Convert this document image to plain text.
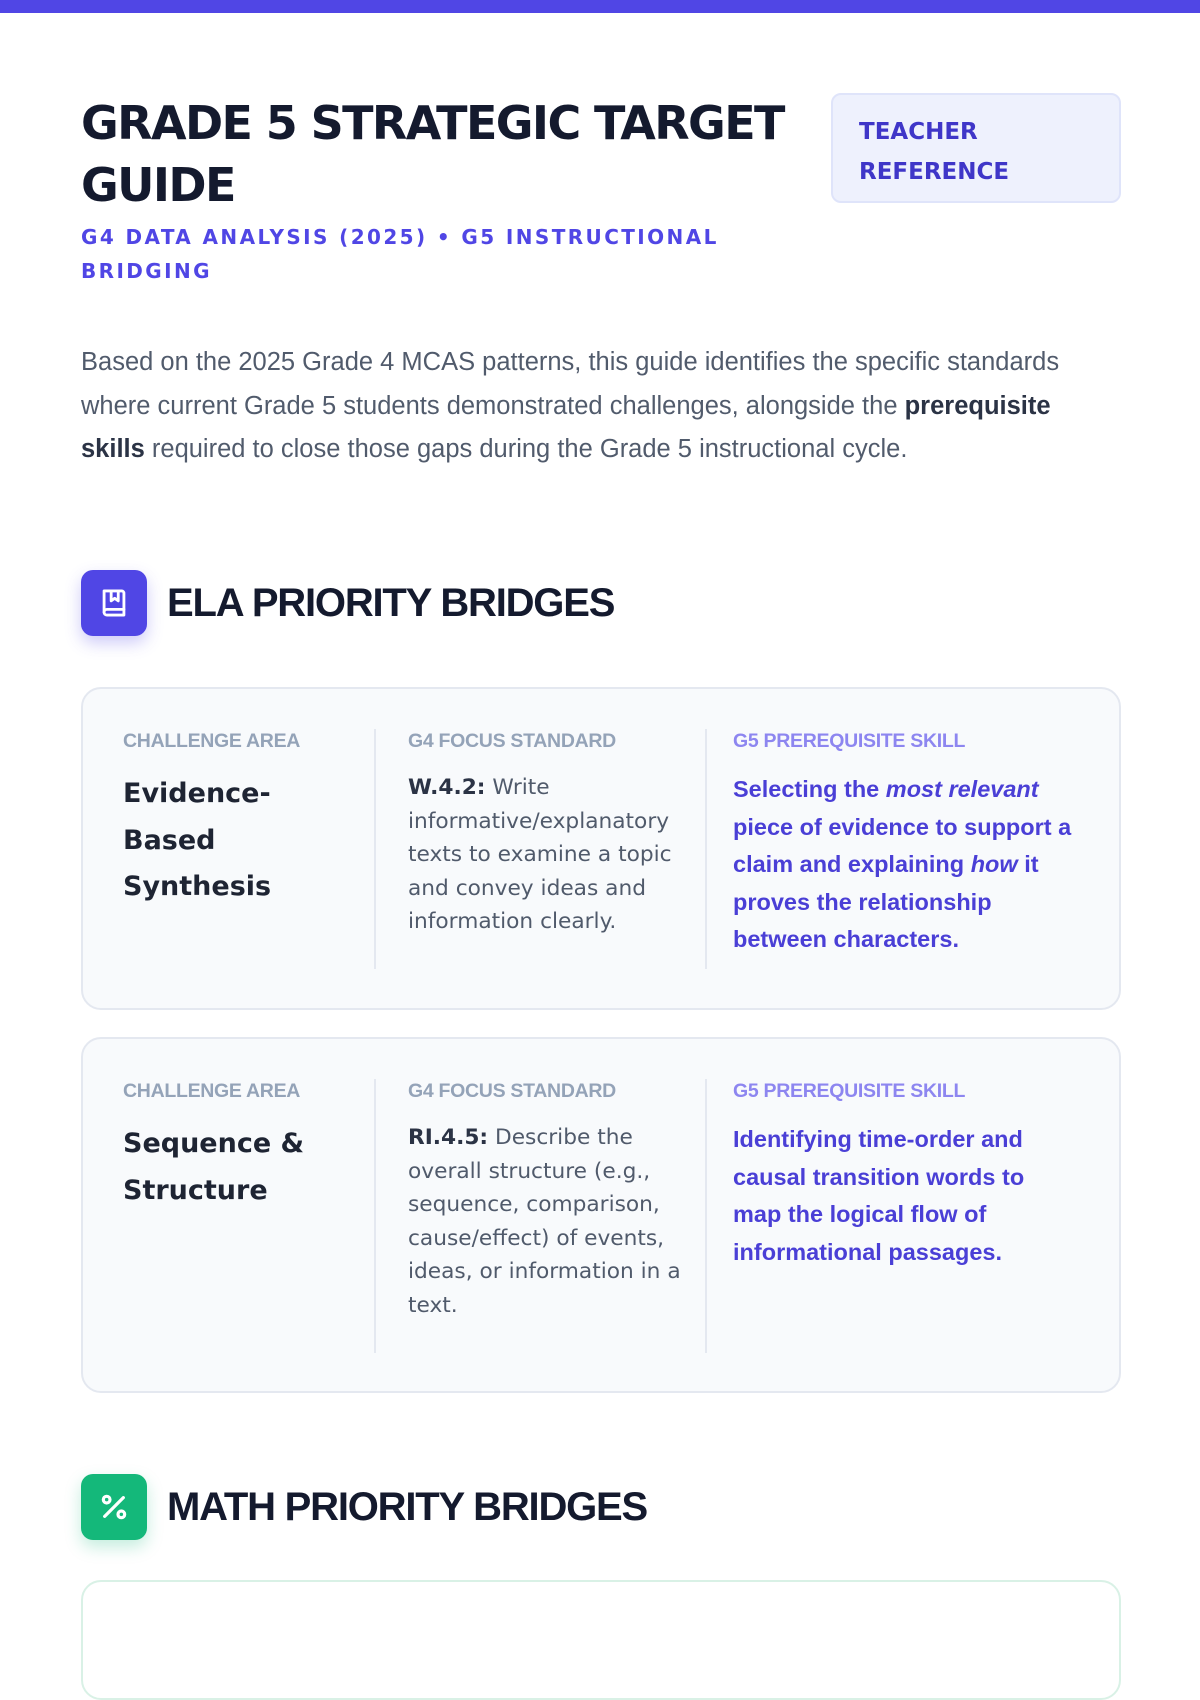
GRADE 5 STRATEGIC TARGET GUIDE
G4 DATA ANALYSIS (2025) • G5 INSTRUCTIONAL BRIDGING
TEACHER REFERENCE

Based on the 2025 Grade 4 MCAS patterns, this guide identifies the specific standards where current Grade 5 students demonstrated challenges, alongside the prerequisite skills required to close those gaps during the Grade 5 instructional cycle.

ELA PRIORITY BRIDGES
CHALLENGE AREA
Evidence-Based Synthesis
G4 FOCUS STANDARD
W.4.2: Write informative/explanatory texts to examine a topic and convey ideas and information clearly.
G5 PREREQUISITE SKILL
Selecting the most relevant piece of evidence to support a claim and explaining how it proves the relationship between characters.
CHALLENGE AREA
Sequence & Structure
G4 FOCUS STANDARD
RI.4.5: Describe the overall structure (e.g., sequence, comparison, cause/effect) of events, ideas, or information in a text.
G5 PREREQUISITE SKILL
Identifying time-order and causal transition words to map the logical flow of informational passages.
MATH PRIORITY BRIDGES
